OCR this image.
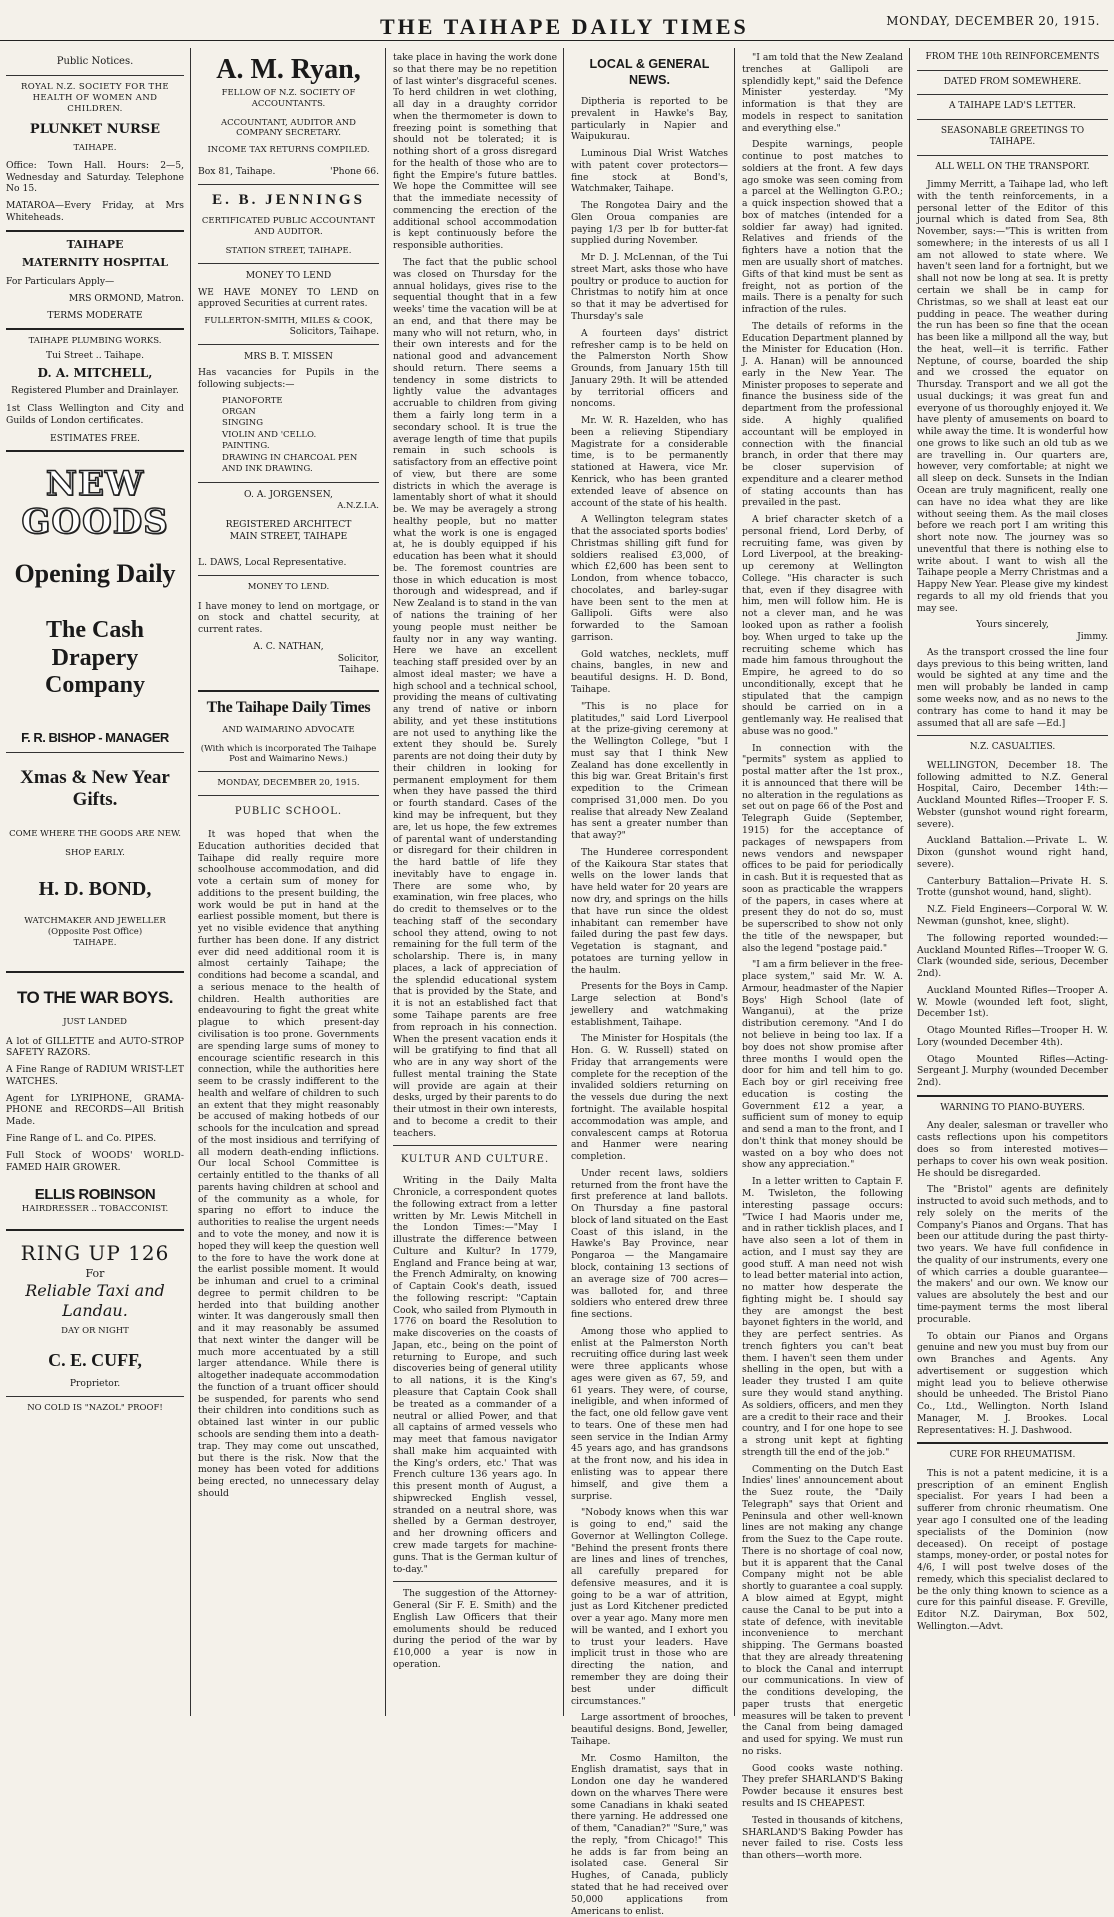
THE TAIHAPE DAILY TIMES	MONDAY, DECEMBER 20, 1915.
Public Notices.
ROYAL N.Z. SOCIETY FOR THE HEALTH OF WOMEN AND CHILDREN.
PLUNKET NURSE
TAIHAPE.

Office: Town Hall. Hours: 2—5, Wednesday and Saturday. Telephone No 15.

MATAROA—Every Friday, at Mrs Whiteheads.

TAIHAPE
MATERNITY HOSPITAL

For Particulars Apply—

MRS ORMOND, Matron.
TERMS MODERATE
TAIHAPE PLUMBING WORKS.
Tui Street .. Taihape.
D. A. MITCHELL,
Registered Plumber and Drainlayer.

1st Class Wellington and City and Guilds of London certificates.

ESTIMATES FREE.
NEW
GOODS
Opening Daily
The Cash Drapery Company
F. R. BISHOP - MANAGER
Xmas & New Year Gifts.
COME WHERE THE GOODS ARE NEW.
SHOP EARLY.
H. D. BOND,
WATCHMAKER AND JEWELLER (Opposite Post Office)
TAIHAPE.
TO THE WAR BOYS.
JUST LANDED

A lot of GILLETTE and AUTO-STROP SAFETY RAZORS.

A Fine Range of RADIUM WRIST-LET WATCHES.

Agent for LYRIPHONE, GRAMA-PHONE and RECORDS—All British Made.

Fine Range of L. and Co. PIPES.

Full Stock of WOODS' WORLD-FAMED HAIR GROWER.

ELLIS ROBINSON
HAIRDRESSER .. TOBACCONIST.
RING UP 126
For
Reliable Taxi and
Landau.
DAY OR NIGHT
C. E. CUFF,
Proprietor.
NO COLD IS "NAZOL" PROOF!
A. M. Ryan,
FELLOW OF N.Z. SOCIETY OF ACCOUNTANTS.
ACCOUNTANT, AUDITOR AND COMPANY SECRETARY.
INCOME TAX RETURNS COMPILED.
Box 81, Taihape.	'Phone 66.
E. B. JENNINGS
CERTIFICATED PUBLIC ACCOUNTANT AND AUDITOR.
STATION STREET, TAIHAPE.
MONEY TO LEND

WE HAVE MONEY TO LEND on approved Securities at current rates.

FULLERTON-SMITH, MILES & COOK,
Solicitors, Taihape.
MRS B. T. MISSEN

Has vacancies for Pupils in the following subjects:—

PIANOFORTE
ORGAN
SINGING
VIOLIN AND 'CELLO.
PAINTING.
DRAWING IN CHARCOAL PEN AND INK DRAWING.
O. A. JORGENSEN,
A.N.Z.I.A.
REGISTERED ARCHITECT
MAIN STREET, TAIHAPE
L. DAWS, Local Representative.
MONEY TO LEND.

I have money to lend on mortgage, or on stock and chattel security, at current rates.

A. C. NATHAN,
Solicitor,
Taihape.
The Taihape Daily Times
AND WAIMARINO ADVOCATE
(With which is incorporated The Taihape Post and Waimarino News.)
MONDAY, DECEMBER 20, 1915.
PUBLIC SCHOOL.

It was hoped that when the Education authorities decided that Taihape did really require more schoolhouse accommodation, and did vote a certain sum of money for additions to the present building, the work would be put in hand at the earliest possible moment, but there is yet no visible evidence that anything further has been done. If any district ever did need additional room it is almost certainly Taihape; the conditions had become a scandal, and a serious menace to the health of children. Health authorities are endeavouring to fight the great white plague to which present-day civilisation is too prone. Governments are spending large sums of money to encourage scientific research in this connection, while the authorities here seem to be crassly indifferent to the health and welfare of children to such an extent that they might reasonably be accused of making hotbeds of our schools for the inculcation and spread of the most insidious and terrifying of all modern death-ending inflictions. Our local School Committee is certainly entitled to the thanks of all parents having children at school and of the community as a whole, for sparing no effort to induce the authorities to realise the urgent needs and to vote the money, and now it is hoped they will keep the question well to the fore to have the work done at the earlist possible moment. It would be inhuman and cruel to a criminal degree to permit children to be herded into that building another winter. It was dangerously small then and it may reasonably be assumed that next winter the danger will be much more accentuated by a still larger attendance. While there is altogether inadequate accommodation the function of a truant officer should be suspended, for parents who send their children into conditions such as obtained last winter in our public schools are sending them into a death-trap. They may come out unscathed, but there is the risk. Now that the money has been voted for additions being erected, no unnecessary delay should

take place in having the work done so that there may be no repetition of last winter's disgraceful scenes. To herd children in wet clothing, all day in a draughty corridor when the thermometer is down to freezing point is something that should not be tolerated; it is nothing short of a gross disregard for the health of those who are to fight the Empire's future battles. We hope the Committee will see that the immediate necessity of commencing the erection of the additional school accommodation is kept continuously before the responsible authorities.

The fact that the public school was closed on Thursday for the annual holidays, gives rise to the sequential thought that in a few weeks' time the vacation will be at an end, and that there may be many who will not return, who, in their own interests and for the national good and advancement should return. There seems a tendency in some districts to lightly value the advantages accruable to children from giving them a fairly long term in a secondary school. It is true the average length of time that pupils remain in such schools is satisfactory from an effective point of view, but there are some districts in which the average is lamentably short of what it should be. We may be averagely a strong healthy people, but no matter what the work is one is engaged at, he is doubly equipped if his education has been what it should be. The foremost countries are those in which education is most thorough and widespread, and if New Zealand is to stand in the van of nations the training of her young people must neither be faulty nor in any way wanting. Here we have an excellent teaching staff presided over by an almost ideal master; we have a high school and a technical school, providing the means of cultivating any trend of native or inborn ability, and yet these institutions are not used to anything like the extent they should be. Surely parents are not doing their duty by their children in looking for permanent employment for them when they have passed the third or fourth standard. Cases of the kind may be infrequent, but they are, let us hope, the few extremes of parental want of understanding or disregard for their children in the hard battle of life they inevitably have to engage in. There are some who, by examination, win free places, who do credit to themselves or to the teaching staff of the secondary school they attend, owing to not remaining for the full term of the scholarship. There is, in many places, a lack of appreciation of the splendid educational system that is provided by the State, and it is not an established fact that some Taihape parents are free from reproach in his connection. When the present vacation ends it will be gratifying to find that all who are in any way short of the fullest mental training the State will provide are again at their desks, urged by their parents to do their utmost in their own interests, and to become a credit to their teachers.

KULTUR AND CULTURE.

Writing in the Daily Malta Chronicle, a correspondent quotes the following extract from a letter written by Mr. Lewis Mitchell in the London Times:—"May I illustrate the difference between Culture and Kultur? In 1779, England and France being at war, the French Admiralty, on knowing of Captain Cook's death, issued the following rescript: "Captain Cook, who sailed from Plymouth in 1776 on board the Resolution to make discoveries on the coasts of Japan, etc., being on the point of returning to Europe, and such discoveries being of general utility to all nations, it is the King's pleasure that Captain Cook shall be treated as a commander of a neutral or allied Power, and that all captains of armed vessels who may meet that famous navigator shall make him acquainted with the King's orders, etc.' That was French culture 136 years ago. In this present month of August, a shipwrecked English vessel, stranded on a neutral shore, was shelled by a German destroyer, and her drowning officers and crew made targets for machine-guns. That is the German kultur of to-day."

The suggestion of the Attorney-General (Sir F. E. Smith) and the English Law Officers that their emoluments should be reduced during the period of the war by £10,000 a year is now in operation.

LOCAL & GENERAL NEWS.

Diptheria is reported to be prevalent in Hawke's Bay, particularly in Napier and Waipukurau.

Luminous Dial Wrist Watches with patent cover protectors—fine stock at Bond's, Watchmaker, Taihape.

The Rongotea Dairy and the Glen Oroua companies are paying 1/3 per lb for butter-fat supplied during November.

Mr D. J. McLennan, of the Tui street Mart, asks those who have poultry or produce to auction for Christmas to notify him at once so that it may be advertised for Thursday's sale

A fourteen days' district refresher camp is to be held on the Palmerston North Show Grounds, from January 15th till January 29th. It will be attended by territorial officers and noncoms.

Mr. W. R. Hazelden, who has been a relieving Stipendiary Magistrate for a considerable time, is to be permanently stationed at Hawera, vice Mr. Kenrick, who has been granted extended leave of absence on account of the state of his health.

A Wellington telegram states that the associated sports bodies' Christmas shilling gift fund for soldiers realised £3,000, of which £2,600 has been sent to London, from whence tobacco, chocolates, and barley-sugar have been sent to the men at Gallipoli. Gifts were also forwarded to the Samoan garrison.

Gold watches, necklets, muff chains, bangles, in new and beautiful designs. H. D. Bond, Taihape.

"This is no place for platitudes," said Lord Liverpool at the prize-giving ceremony at the Wellington College, "but I must say that I think New Zealand has done excellently in this big war. Great Britain's first expedition to the Crimean comprised 31,000 men. Do you realise that already New Zealand has sent a greater number than that away?"

The Hunderee correspondent of the Kaikoura Star states that wells on the lower lands that have held water for 20 years are now dry, and springs on the hills that have run since the oldest inhabitant can remember have failed during the past few days. Vegetation is stagnant, and potatoes are turning yellow in the haulm.

Presents for the Boys in Camp. Large selection at Bond's jewellery and watchmaking establishment, Taihape.

The Minister for Hospitals (the Hon. G. W. Russell) stated on Friday that arrangements were complete for the reception of the invalided soldiers returning on the vessels due during the next fortnight. The available hospital accommodation was ample, and convalescent camps at Rotorua and Hanmer were nearing completion.

Under recent laws, soldiers returned from the front have the first preference at land ballots. On Thursday a fine pastoral block of land situated on the East Coast of this island, in the Hawke's Bay Province, near Pongaroa — the Mangamaire block, containing 13 sections of an average size of 700 acres—was balloted for, and three soldiers who entered drew three fine sections.

Among those who applied to enlist at the Palmerston North recruiting office during last week were three applicants whose ages were given as 67, 59, and 61 years. They were, of course, ineligible, and when informed of the fact, one old fellow gave vent to tears. One of these men had seen service in the Indian Army 45 years ago, and has grandsons at the front now, and his idea in enlisting was to appear there himself, and give them a surprise.

"Nobody knows when this war is going to end," said the Governor at Wellington College. "Behind the present fronts there are lines and lines of trenches, all carefully prepared for defensive measures, and it is going to be a war of attrition, just as Lord Kitchener predicted over a year ago. Many more men will be wanted, and I exhort you to trust your leaders. Have implicit trust in those who are directing the nation, and remember they are doing their best under difficult circumstances."

Large assortment of brooches, beautiful designs. Bond, Jeweller, Taihape.

Mr. Cosmo Hamilton, the English dramatist, says that in London one day he wandered down on the wharves There were some Canadians in khaki seated there yarning. He addressed one of them, "Canadian?" "Sure," was the reply, "from Chicago!" This he adds is far from being an isolated case. General Sir Hughes, of Canada, publicly stated that he had received over 50,000 applications from Americans to enlist.

"I am told that the New Zealand trenches at Gallipoli are splendidly kept," said the Defence Minister yesterday. "My information is that they are models in respect to sanitation and everything else."

Despite warnings, people continue to post matches to soldiers at the front. A few days ago smoke was seen coming from a parcel at the Wellington G.P.O.; a quick inspection showed that a box of matches (intended for a soldier far away) had ignited. Relatives and friends of the fighters have a notion that the men are usually short of matches. Gifts of that kind must be sent as freight, not as portion of the mails. There is a penalty for such infraction of the rules.

The details of reforms in the Education Department planned by the Minister for Education (Hon. J. A. Hanan) will be announced early in the New Year. The Minister proposes to seperate and finance the business side of the department from the professional side. A highly qualified accountant will be employed in connection with the financial branch, in order that there may be closer supervision of expenditure and a clearer method of stating accounts than has prevailed in the past.

A brief character sketch of a personal friend, Lord Derby, of recruiting fame, was given by Lord Liverpool, at the breaking-up ceremony at Wellington College. "His character is such that, even if they disagree with him, men will follow him. He is not a clever man, and he was looked upon as rather a foolish boy. When urged to take up the recruiting scheme which has made him famous throughout the Empire, he agreed to do so unconditionally, except that he stipulated that the campign should be carried on in a gentlemanly way. He realised that abuse was no good."

In connection with the "permits" system as applied to postal matter after the 1st prox., it is announced that there will be no alteration in the regulations as set out on page 66 of the Post and Telegraph Guide (September, 1915) for the acceptance of packages of newspapers from news vendors and newspaper offices to be paid for periodically in cash. But it is requested that as soon as practicable the wrappers of the papers, in cases where at present they do not do so, must be superscribed to show not only the title of the newspaper, but also the legend "postage paid."

"I am a firm believer in the free-place system," said Mr. W. A. Armour, headmaster of the Napier Boys' High School (late of Wanganui), at the prize distribution ceremony. "And I do not believe in being too lax. If a boy does not show promise after three months I would open the door for him and tell him to go. Each boy or girl receiving free education is costing the Government £12 a year, a sufficient sum of money to equip and send a man to the front, and I don't think that money should be wasted on a boy who does not show any appreciation."

In a letter written to Captain F. M. Twisleton, the following interesting passage occurs: "Twice I had Maoris under me, and in rather ticklish places, and I have also seen a lot of them in action, and I must say they are good stuff. A man need not wish to lead better material into action, no matter how desperate the fighting might be. I should say they are amongst the best bayonet fighters in the world, and they are perfect sentries. As trench fighters you can't beat them. I haven't seen them under shelling in the open, but with a leader they trusted I am quite sure they would stand anything. As soldiers, officers, and men they are a credit to their race and their country, and I for one hope to see a strong unit kept at fighting strength till the end of the job."

Commenting on the Dutch East Indies' lines' announcement about the Suez route, the "Daily Telegraph" says that Orient and Peninsula and other well-known lines are not making any change from the Suez to the Cape route. There is no shortage of coal now, but it is apparent that the Canal Company might not be able shortly to guarantee a coal supply. A blow aimed at Egypt, might cause the Canal to be put into a state of defence, with inevitable inconvenience to merchant shipping. The Germans boasted that they are already threatening to block the Canal and interrupt our communications. In view of the conditions developing, the paper trusts that energetic measures will be taken to prevent the Canal from being damaged and used for spying. We must run no risks.

Good cooks waste nothing. They prefer SHARLAND'S Baking Powder because it ensures best results and IS CHEAPEST.

Tested in thousands of kitchens, SHARLAND'S Baking Powder has never failed to rise. Costs less than others—worth more.

FROM THE 10th REINFORCEMENTS
DATED FROM SOMEWHERE.
A TAIHAPE LAD'S LETTER.
SEASONABLE GREETINGS TO TAIHAPE.
ALL WELL ON THE TRANSPORT.

Jimmy Merritt, a Taihape lad, who left with the tenth reinforcements, in a personal letter of the Editor of this journal which is dated from Sea, 8th November, says:—"This is written from somewhere; in the interests of us all I am not allowed to state where. We haven't seen land for a fortnight, but we shall not now be long at sea. It is pretty certain we shall be in camp for Christmas, so we shall at least eat our pudding in peace. The weather during the run has been so fine that the ocean has been like a millpond all the way, but the heat, well—it is terrific. Father Neptune, of course, boarded the ship and we crossed the equator on Thursday. Transport and we all got the usual duckings; it was great fun and everyone of us thoroughly enjoyed it. We have plenty of amusements on board to while away the time. It is wonderful how one grows to like such an old tub as we are travelling in. Our quarters are, however, very comfortable; at night we all sleep on deck. Sunsets in the Indian Ocean are truly magnificent, really one can have no idea what they are like without seeing them. As the mail closes before we reach port I am writing this short note now. The journey was so uneventful that there is nothing else to write about. I want to wish all the Taihape people a Merry Christmas and a Happy New Year. Please give my kindest regards to all my old friends that you may see.

Yours sincerely,
Jimmy.

As the transport crossed the line four days previous to this being written, land would be sighted at any time and the men will probably be landed in camp some weeks now, and as no news to the contrary has come to hand it may be assumed that all are safe —Ed.]

N.Z. CASUALTIES.

WELLINGTON, December 18. The following admitted to N.Z. General Hospital, Cairo, December 14th:— Auckland Mounted Rifles—Trooper F. S. Webster (gunshot wound right forearm, severe).

Auckland Battalion.—Private L. W. Dixon (gunshot wound right hand, severe).

Canterbury Battalion—Private H. S. Trotte (gunshot wound, hand, slight).

N.Z. Field Engineers—Corporal W. W. Newman (gunshot, knee, slight).

The following reported wounded:— Auckland Mounted Rifles—Trooper W. G. Clark (wounded side, serious, December 2nd).

Auckland Mounted Rifles—Trooper A. W. Mowle (wounded left foot, slight, December 1st).

Otago Mounted Rifles—Trooper H. W. Lory (wounded December 4th).

Otago Mounted Rifles—Acting-Sergeant J. Murphy (wounded December 2nd).

WARNING TO PIANO-BUYERS.

Any dealer, salesman or traveller who casts reflections upon his competitors does so from interested motives—perhaps to cover his own weak position. He should be disregarded.

The "Bristol" agents are definitely instructed to avoid such methods, and to rely solely on the merits of the Company's Pianos and Organs. That has been our attitude during the past thirty-two years. We have full confidence in the quality of our instruments, every one of which carries a double guarantee—the makers' and our own. We know our values are absolutely the best and our time-payment terms the most liberal procurable.

To obtain our Pianos and Organs genuine and new you must buy from our own Branches and Agents. Any advertisement or suggestion which might lead you to believe otherwise should be unheeded. The Bristol Piano Co., Ltd., Wellington. North Island Manager, M. J. Brookes. Local Representatives: H. J. Dashwood.

CURE FOR RHEUMATISM.

This is not a patent medicine, it is a prescription of an eminent English specialist. For years I had been a sufferer from chronic rheumatism. One year ago I consulted one of the leading specialists of the Dominion (now deceased). On receipt of postage stamps, money-order, or postal notes for 4/6, I will post twelve doses of the remedy, which this specialist declared to be the only thing known to science as a cure for this painful disease. F. Greville, Editor N.Z. Dairyman, Box 502, Wellington.—Advt.
